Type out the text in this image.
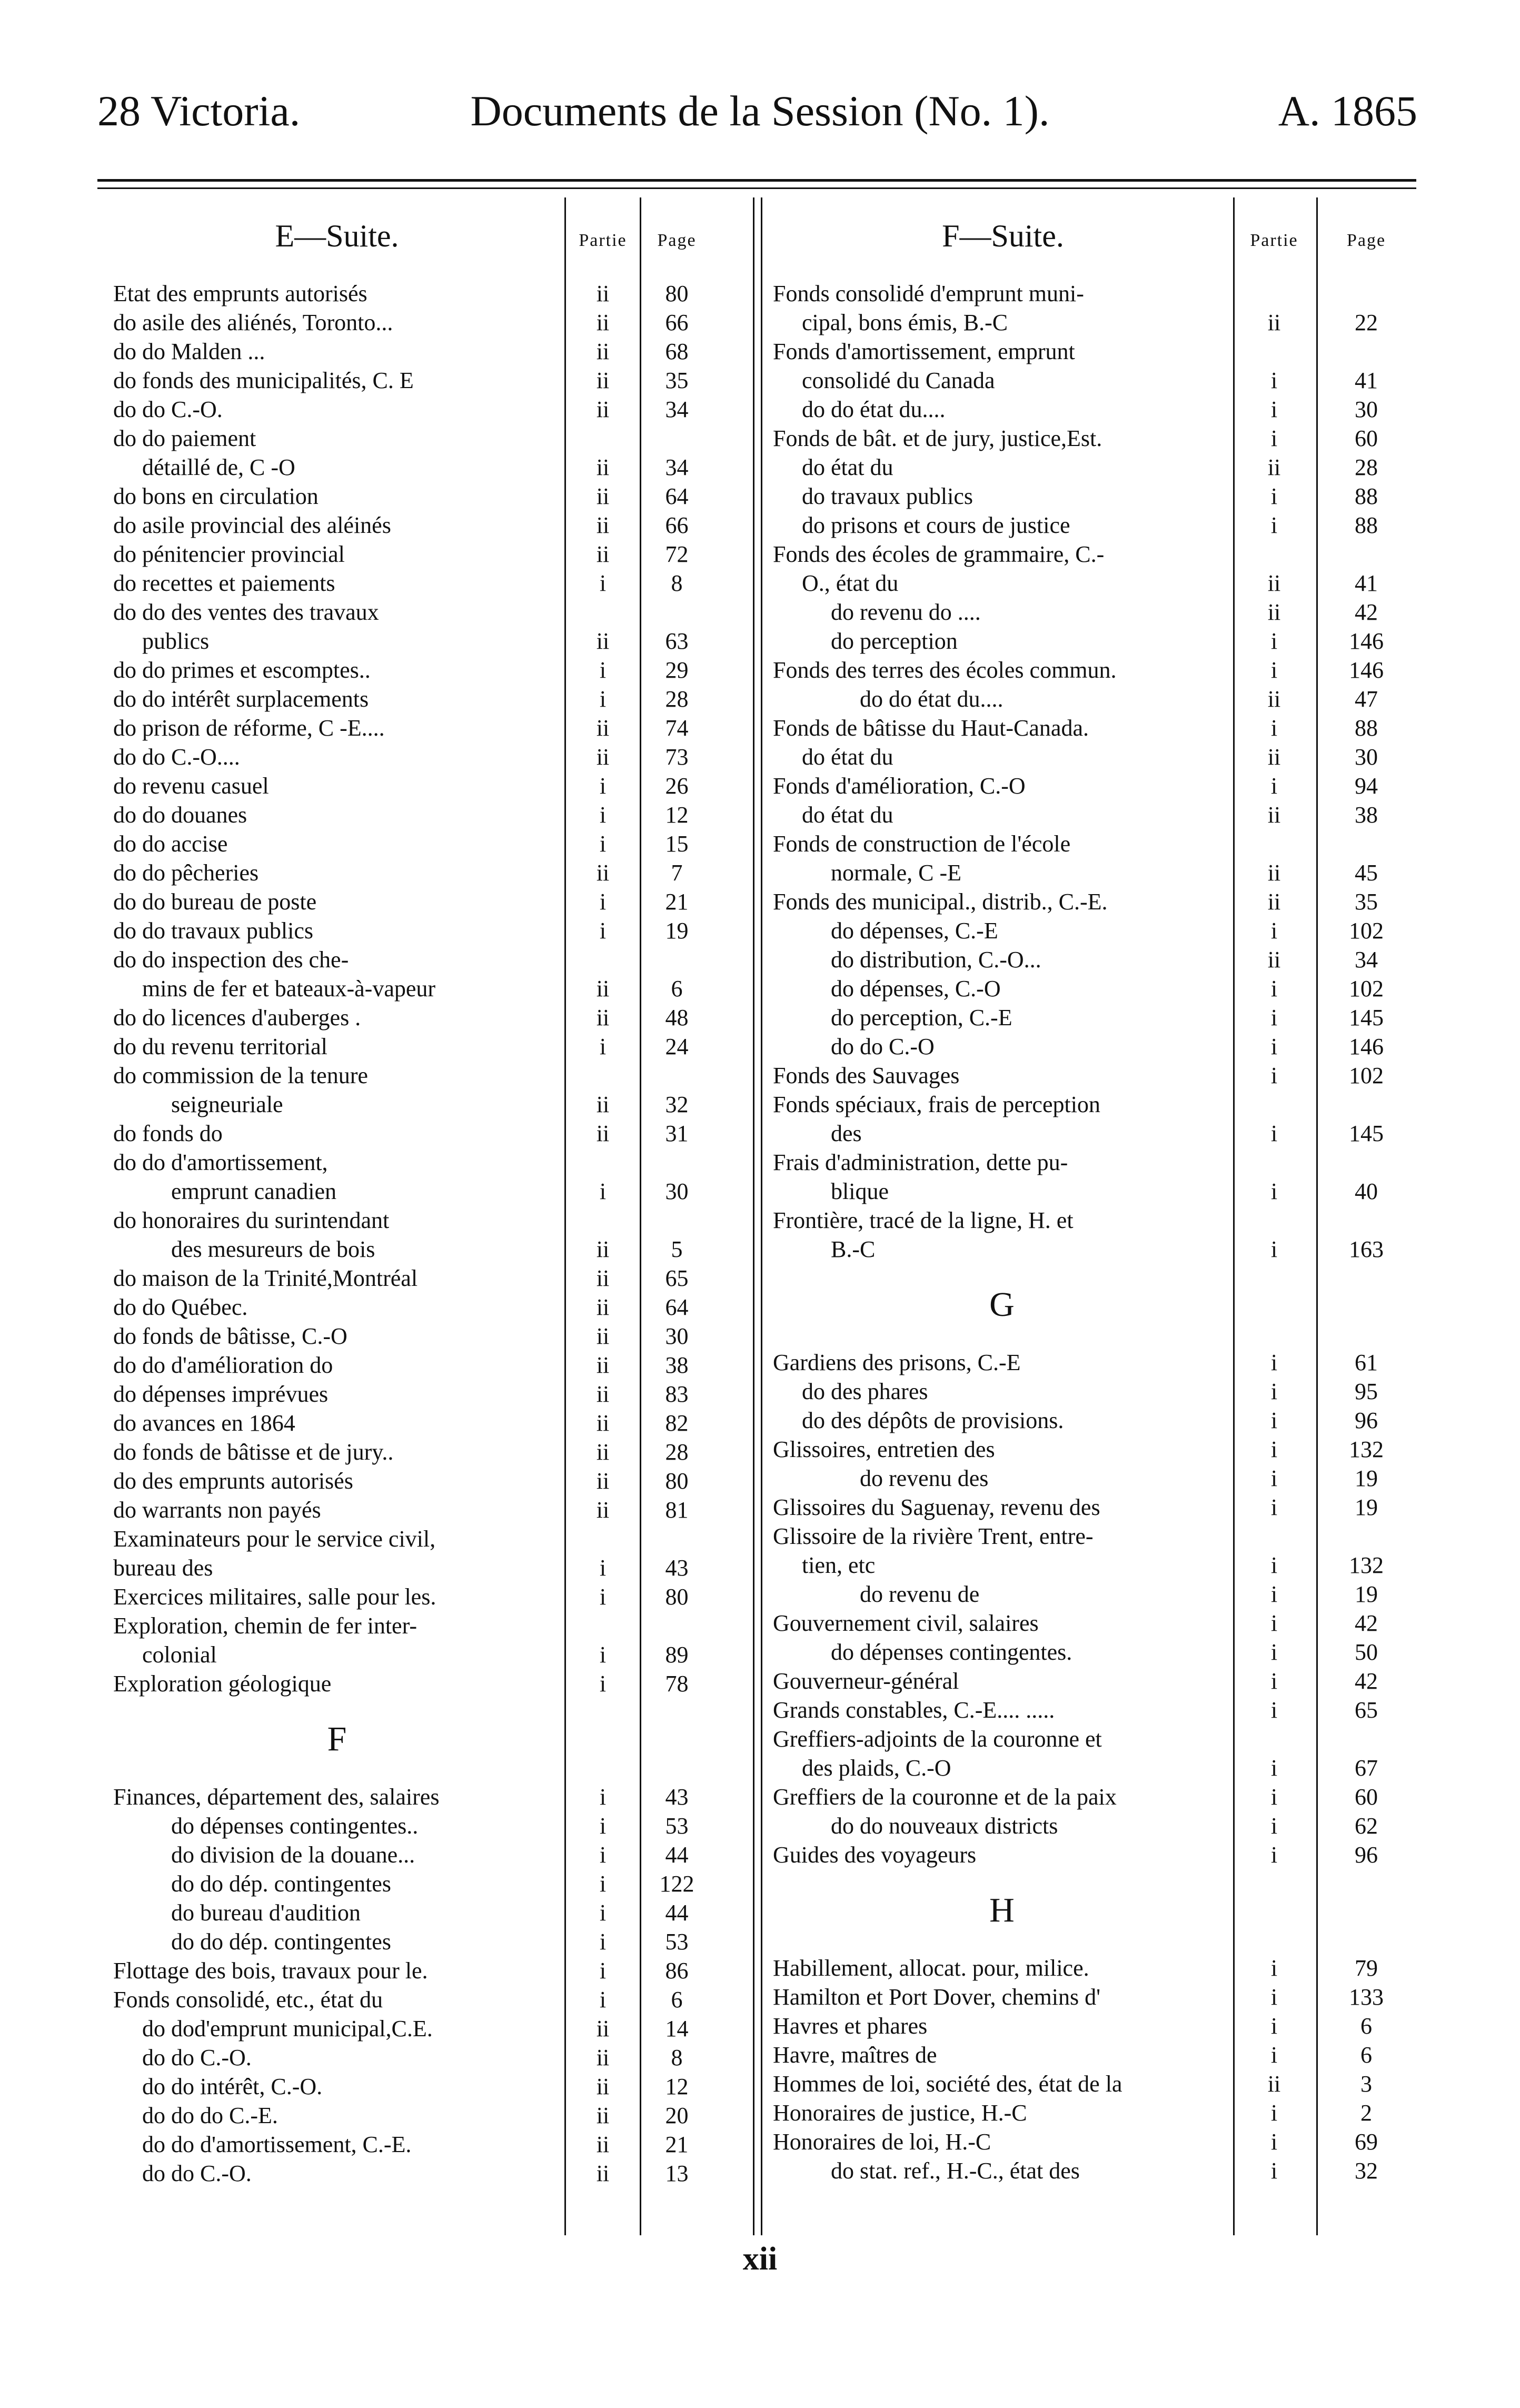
28 Victoria.	Documents de la Session (No. 1).	A. 1865
E—Suite.	Partie	Page	F—Suite.	Partie	Page
Etat des emprunts autorisés	ii	80
do asile des aliénés, Toronto...	ii	66
do do Malden ...	ii	68
do fonds des municipalités, C. E	ii	35
do do C.-O.	ii	34
do do paiement
détaillé de, C -O	ii	34
do bons en circulation	ii	64
do asile provincial des aléinés	ii	66
do pénitencier provincial	ii	72
do recettes et paiements	i	8
do do des ventes des travaux
publics	ii	63
do do primes et escomptes..	i	29
do do intérêt surplacements	i	28
do prison de réforme, C -E....	ii	74
do do C.-O....	ii	73
do revenu casuel	i	26
do do douanes	i	12
do do accise	i	15
do do pêcheries	ii	7
do do bureau de poste	i	21
do do travaux publics	i	19
do do inspection des che-
mins de fer et bateaux-à-vapeur	ii	6
do do licences d'auberges .	ii	48
do du revenu territorial	i	24
do commission de la tenure
seigneuriale	ii	32
do fonds do	ii	31
do do d'amortissement,
emprunt canadien	i	30
do honoraires du surintendant
des mesureurs de bois	ii	5
do maison de la Trinité,Montréal	ii	65
do do Québec.	ii	64
do fonds de bâtisse, C.-O	ii	30
do do d'amélioration do	ii	38
do dépenses imprévues	ii	83
do avances en 1864	ii	82
do fonds de bâtisse et de jury..	ii	28
do des emprunts autorisés	ii	80
do warrants non payés	ii	81
Examinateurs pour le service civil,
bureau des	i	43
Exercices militaires, salle pour les.	i	80
Exploration, chemin de fer inter-
colonial	i	89
Exploration géologique	i	78
F
Finances, département des, salaires	i	43
do dépenses contingentes..	i	53
do division de la douane...	i	44
do do dép. contingentes	i	122
do bureau d'audition	i	44
do do dép. contingentes	i	53
Flottage des bois, travaux pour le.	i	86
Fonds consolidé, etc., état du	i	6
do dod'emprunt municipal,C.E.	ii	14
do do C.-O.	ii	8
do do intérêt, C.-O.	ii	12
do do do C.-E.	ii	20
do do d'amortissement, C.-E.	ii	21
do do C.-O.	ii	13
Fonds consolidé d'emprunt muni-
cipal, bons émis, B.-C	ii	22
Fonds d'amortissement, emprunt
consolidé du Canada	i	41
do do état du....	i	30
Fonds de bât. et de jury, justice,Est.	i	60
do état du	ii	28
do travaux publics	i	88
do prisons et cours de justice	i	88
Fonds des écoles de grammaire, C.-
O., état du	ii	41
do revenu do ....	ii	42
do perception	i	146
Fonds des terres des écoles commun.	i	146
do do état du....	ii	47
Fonds de bâtisse du Haut-Canada.	i	88
do état du	ii	30
Fonds d'amélioration, C.-O	i	94
do état du	ii	38
Fonds de construction de l'école
normale, C -E	ii	45
Fonds des municipal., distrib., C.-E.	ii	35
do dépenses, C.-E	i	102
do distribution, C.-O...	ii	34
do dépenses, C.-O	i	102
do perception, C.-E	i	145
do do C.-O	i	146
Fonds des Sauvages	i	102
Fonds spéciaux, frais de perception
des	i	145
Frais d'administration, dette pu-
blique	i	40
Frontière, tracé de la ligne, H. et
B.-C	i	163
G
Gardiens des prisons, C.-E	i	61
do des phares	i	95
do des dépôts de provisions.	i	96
Glissoires, entretien des	i	132
do revenu des	i	19
Glissoires du Saguenay, revenu des	i	19
Glissoire de la rivière Trent, entre-
tien, etc	i	132
do revenu de	i	19
Gouvernement civil, salaires	i	42
do dépenses contingentes.	i	50
Gouverneur-général	i	42
Grands constables, C.-E.... .....	i	65
Greffiers-adjoints de la couronne et
des plaids, C.-O	i	67
Greffiers de la couronne et de la paix	i	60
do do nouveaux districts	i	62
Guides des voyageurs	i	96
H
Habillement, allocat. pour, milice.	i	79
Hamilton et Port Dover, chemins d'	i	133
Havres et phares	i	6
Havre, maîtres de	i	6
Hommes de loi, société des, état de la	ii	3
Honoraires de justice, H.-C	i	2
Honoraires de loi, H.-C	i	69
do stat. ref., H.-C., état des	i	32
xii
